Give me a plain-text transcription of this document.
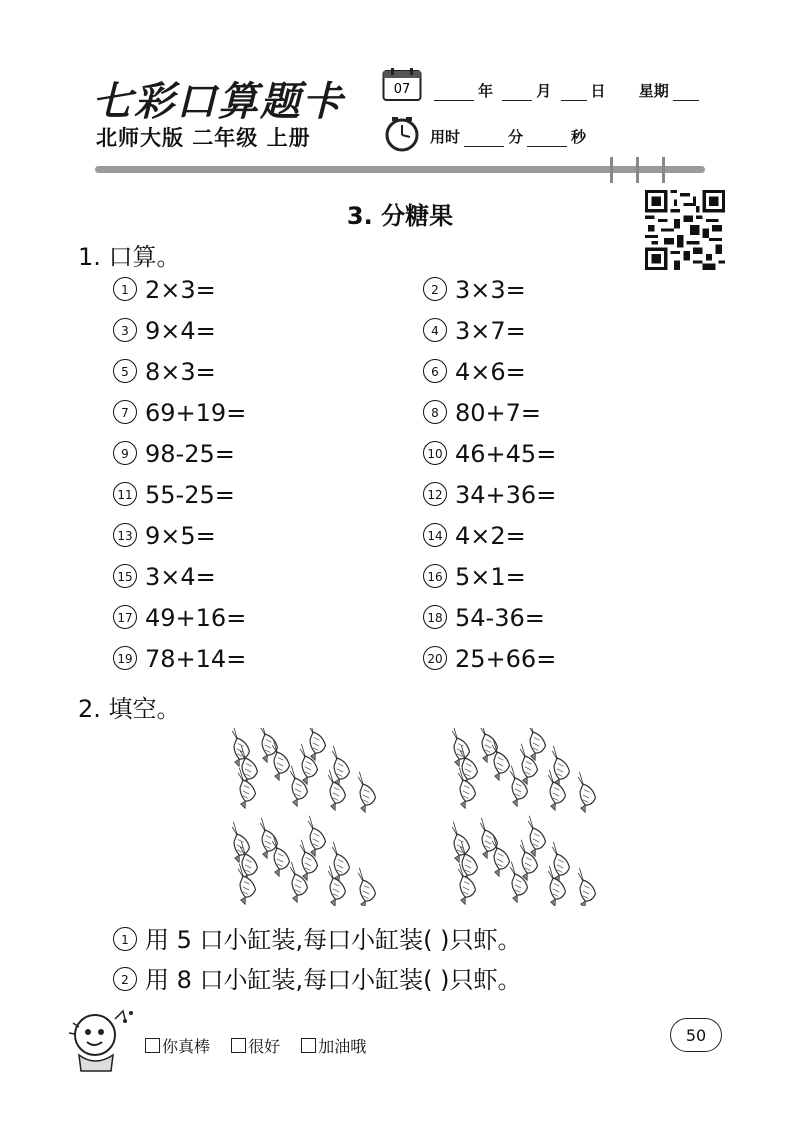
七彩口算题卡
北师大版 二年级 上册
07	年	月	日 星期
用时	分	秒
3. 分糖果
1. 口算。
1 2×3=	2 3×3=
3 9×4=	4 3×7=
5 8×3=	6 4×6=
7 69+19=	8 80+7=
9 98-25=	10 46+45=
11 55-25=	12 34+36=
13 9×5=	14 4×2=
15 3×4=	16 5×1=
17 49+16=	18 54-36=
19 78+14=	20 25+66=
2. 填空。
1 用 5 口小缸装,每口小缸装( )只虾。
2 用 8 口小缸装,每口小缸装( )只虾。
你真棒 很好 加油哦
50
